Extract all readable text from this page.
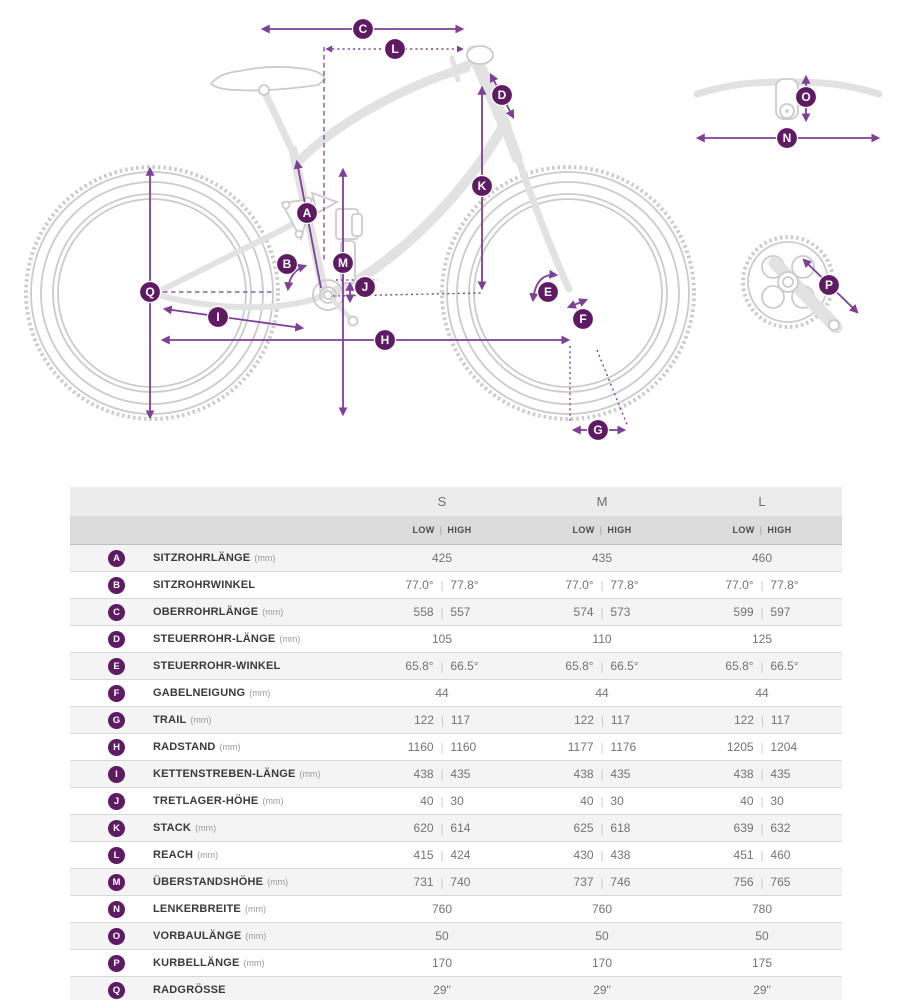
A
B
C
D
E
F
G
H
I
J
K
L
M
N
O
P
Q
	S	M	L
	LOW | HIGH	LOW | HIGH	LOW | HIGH

A SITZROHRLÄNGE (mm)	425	435	460

B SITZROHRWINKEL	77.0° | 77.8°	77.0° | 77.8°	77.0° | 77.8°

C OBERROHRLÄNGE (mm)	558 | 557	574 | 573	599 | 597

D STEUERROHR-LÄNGE (mm)	105	110	125

E STEUERROHR-WINKEL	65.8° | 66.5°	65.8° | 66.5°	65.8° | 66.5°

F GABELNEIGUNG (mm)	44	44	44

G TRAIL (mm)	122 | 117	122 | 117	122 | 117

H RADSTAND (mm)	1160 | 1160	1177 | 1176	1205 | 1204

I KETTENSTREBEN-LÄNGE (mm)	438 | 435	438 | 435	438 | 435

J TRETLAGER-HÖHE (mm)	40 | 30	40 | 30	40 | 30

K STACK (mm)	620 | 614	625 | 618	639 | 632

L REACH (mm)	415 | 424	430 | 438	451 | 460

M ÜBERSTANDSHÖHE (mm)	731 | 740	737 | 746	756 | 765

N LENKERBREITE (mm)	760	760	780

O VORBAULÄNGE (mm)	50	50	50

P KURBELLÄNGE (mm)	170	170	175

Q RADGRÖSSE	29"	29"	29"
